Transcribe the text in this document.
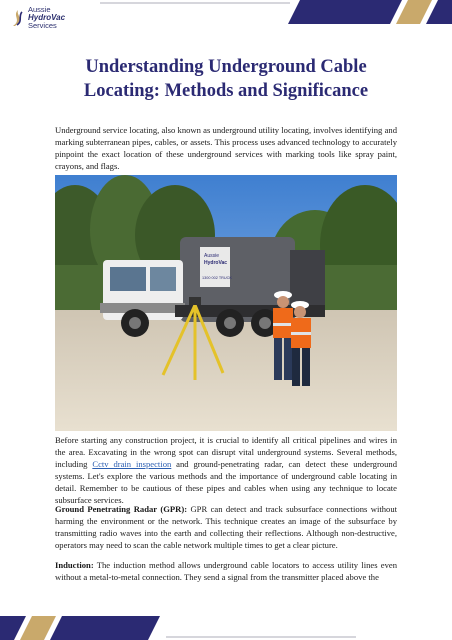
Aussie
HydroVac
Services
Understanding Underground Cable
Locating: Methods and Significance

Underground service locating, also known as underground utility locating, involves identifying and marking subterranean pipes, cables, or assets. This process uses advanced technology to accurately pinpoint the exact location of these underground services with marking tools like spray paint, crayons, and flags.

Aussie
HydroVac
1300 002 TRUCK

Before starting any construction project, it is crucial to identify all critical pipelines and wires in the area. Excavating in the wrong spot can disrupt vital underground systems. Several methods, including Cctv drain inspection and ground-penetrating radar, can detect these underground systems. Let's explore the various methods and the importance of underground cable locating in detail. Remember to be cautious of these pipes and cables when using any technique to locate subsurface services.

Ground Penetrating Radar (GPR): GPR can detect and track subsurface connections without harming the environment or the network. This technique creates an image of the subsurface by transmitting radio waves into the earth and collecting their reflections. Although non-destructive, operators may need to scan the cable network multiple times to get a clear picture.

Induction: The induction method allows underground cable locators to access utility lines even without a metal-to-metal connection. They send a signal from the transmitter placed above the
